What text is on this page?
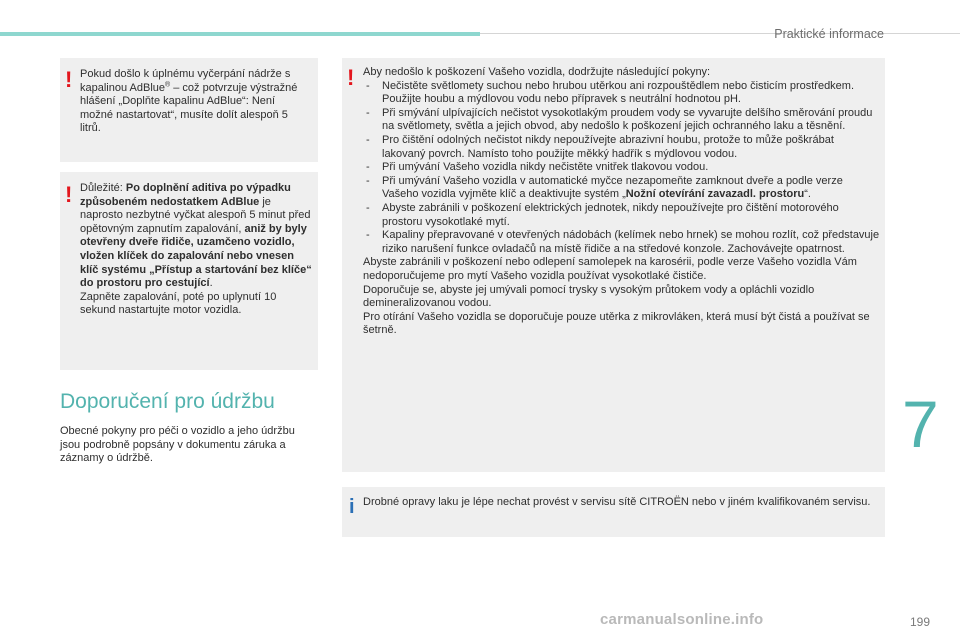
Praktické informace
! Pokud došlo k úplnému vyčerpání nádrže s kapalinou AdBlue® – což potvrzuje výstražné hlášení „Doplňte kapalinu AdBlue“: Není možné nastartovat“, musíte dolít alespoň 5 litrů.
! Důležité: Po doplnění aditiva po výpadku způsobeném nedostatkem AdBlue je naprosto nezbytné vyčkat alespoň 5 minut před opětovným zapnutím zapalování, aniž by byly otevřeny dveře řidiče, uzamčeno vozidlo, vložen klíček do zapalování nebo vnesen klíč systému „Přístup a startování bez klíče“ do prostoru pro cestující.
Zapněte zapalování, poté po uplynutí 10 sekund nastartujte motor vozidla.
Doporučení pro údržbu
Obecné pokyny pro péči o vozidlo a jeho údržbu jsou podrobně popsány v dokumentu záruka a záznamy o údržbě.
! Aby nedošlo k poškození Vašeho vozidla, dodržujte následující pokyny:
- Nečistěte světlomety suchou nebo hrubou utěrkou ani rozpouštědlem nebo čisticím prostředkem. Použijte houbu a mýdlovou vodu nebo přípravek s neutrální hodnotou pH.
- Při smývání ulpívajících nečistot vysokotlakým proudem vody se vyvarujte delšího směrování proudu na světlomety, světla a jejich obvod, aby nedošlo k poškození jejich ochranného laku a těsnění.
- Pro čištění odolných nečistot nikdy nepoužívejte abrazivní houbu, protože to může poškrábat lakovaný povrch. Namísto toho použijte měkký hadřík s mýdlovou vodou.
- Při umývání Vašeho vozidla nikdy nečistěte vnitřek tlakovou vodou.
- Při umývání Vašeho vozidla v automatické myčce nezapomeňte zamknout dveře a podle verze Vašeho vozidla vyjměte klíč a deaktivujte systém „Nožní otevírání zavazadl. prostoru“.
- Abyste zabránili v poškození elektrických jednotek, nikdy nepoužívejte pro čištění motorového prostoru vysokotlaké mytí.
- Kapaliny přepravované v otevřených nádobách (kelímek nebo hrnek) se mohou rozlít, což představuje riziko narušení funkce ovladačů na místě řidiče a na středové konzole. Zachovávejte opatrnost.
Abyste zabránili v poškození nebo odlepení samolepek na karosérii, podle verze Vašeho vozidla Vám nedoporučujeme pro mytí Vašeho vozidla používat vysokotlaké čističe.
Doporučuje se, abyste jej umývali pomocí trysky s vysokým průtokem vody a opláchli vozidlo demineralizovanou vodou.
Pro otírání Vašeho vozidla se doporučuje pouze utěrka z mikrovláken, která musí být čistá a používat se šetrně.
i Drobné opravy laku je lépe nechat provést v servisu sítě CITROËN nebo v jiném kvalifikovaném servisu.
7
carmanualsonline.info	199
